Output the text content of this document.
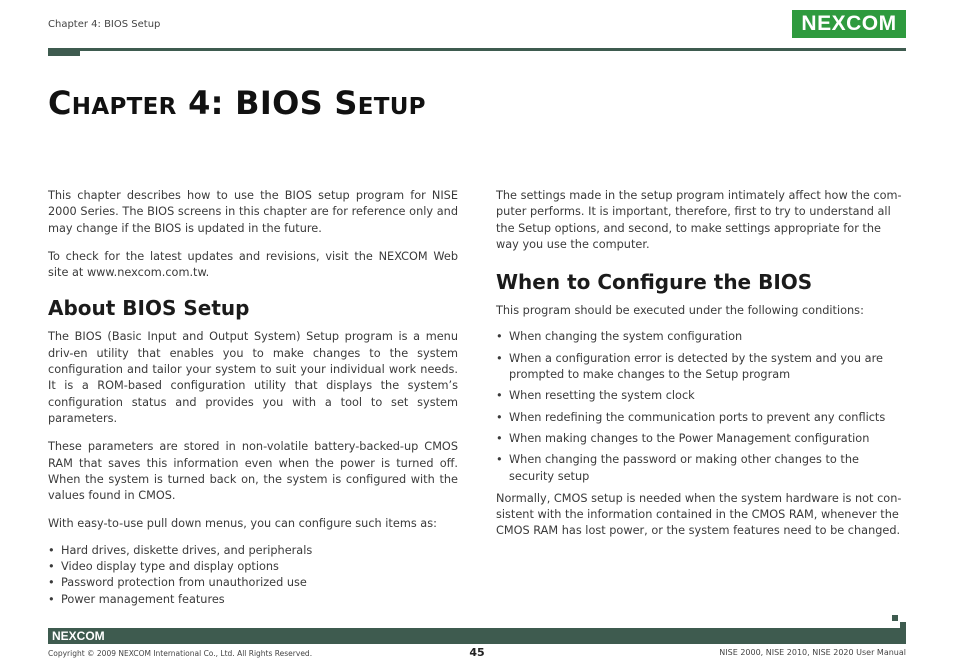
Chapter 4: BIOS Setup	NEXCOM
CHAPTER 4: BIOS SETUP

This chapter describes how to use the BIOS setup program for NISE 2000 Series. The BIOS screens in this chapter are for reference only and may change if the BIOS is updated in the future.

To check for the latest updates and revisions, visit the NEXCOM Web site at www.nexcom.com.tw.

About BIOS Setup

The BIOS (Basic Input and Output System) Setup program is a menu driv-en utility that enables you to make changes to the system configuration and tailor your system to suit your individual work needs. It is a ROM-based configuration utility that displays the system’s configuration status and provides you with a tool to set system parameters.

These parameters are stored in non-volatile battery-backed-up CMOS RAM that saves this information even when the power is turned off. When the system is turned back on, the system is configured with the values found in CMOS.

With easy-to-use pull down menus, you can configure such items as:

• Hard drives, diskette drives, and peripherals
• Video display type and display options
• Password protection from unauthorized use
• Power management features

The settings made in the setup program intimately affect how the com-puter performs. It is important, therefore, first to try to understand all the Setup options, and second, to make settings appropriate for the way you use the computer.

When to Configure the BIOS

This program should be executed under the following conditions:

• When changing the system configuration
• When a configuration error is detected by the system and you are prompted to make changes to the Setup program
• When resetting the system clock
• When redefining the communication ports to prevent any conflicts
• When making changes to the Power Management configuration
• When changing the password or making other changes to the security setup

Normally, CMOS setup is needed when the system hardware is not con-sistent with the information contained in the CMOS RAM, whenever the CMOS RAM has lost power, or the system features need to be changed.

NEXCOM
Copyright © 2009 NEXCOM International Co., Ltd. All Rights Reserved.	45	NISE 2000, NISE 2010, NISE 2020 User Manual
